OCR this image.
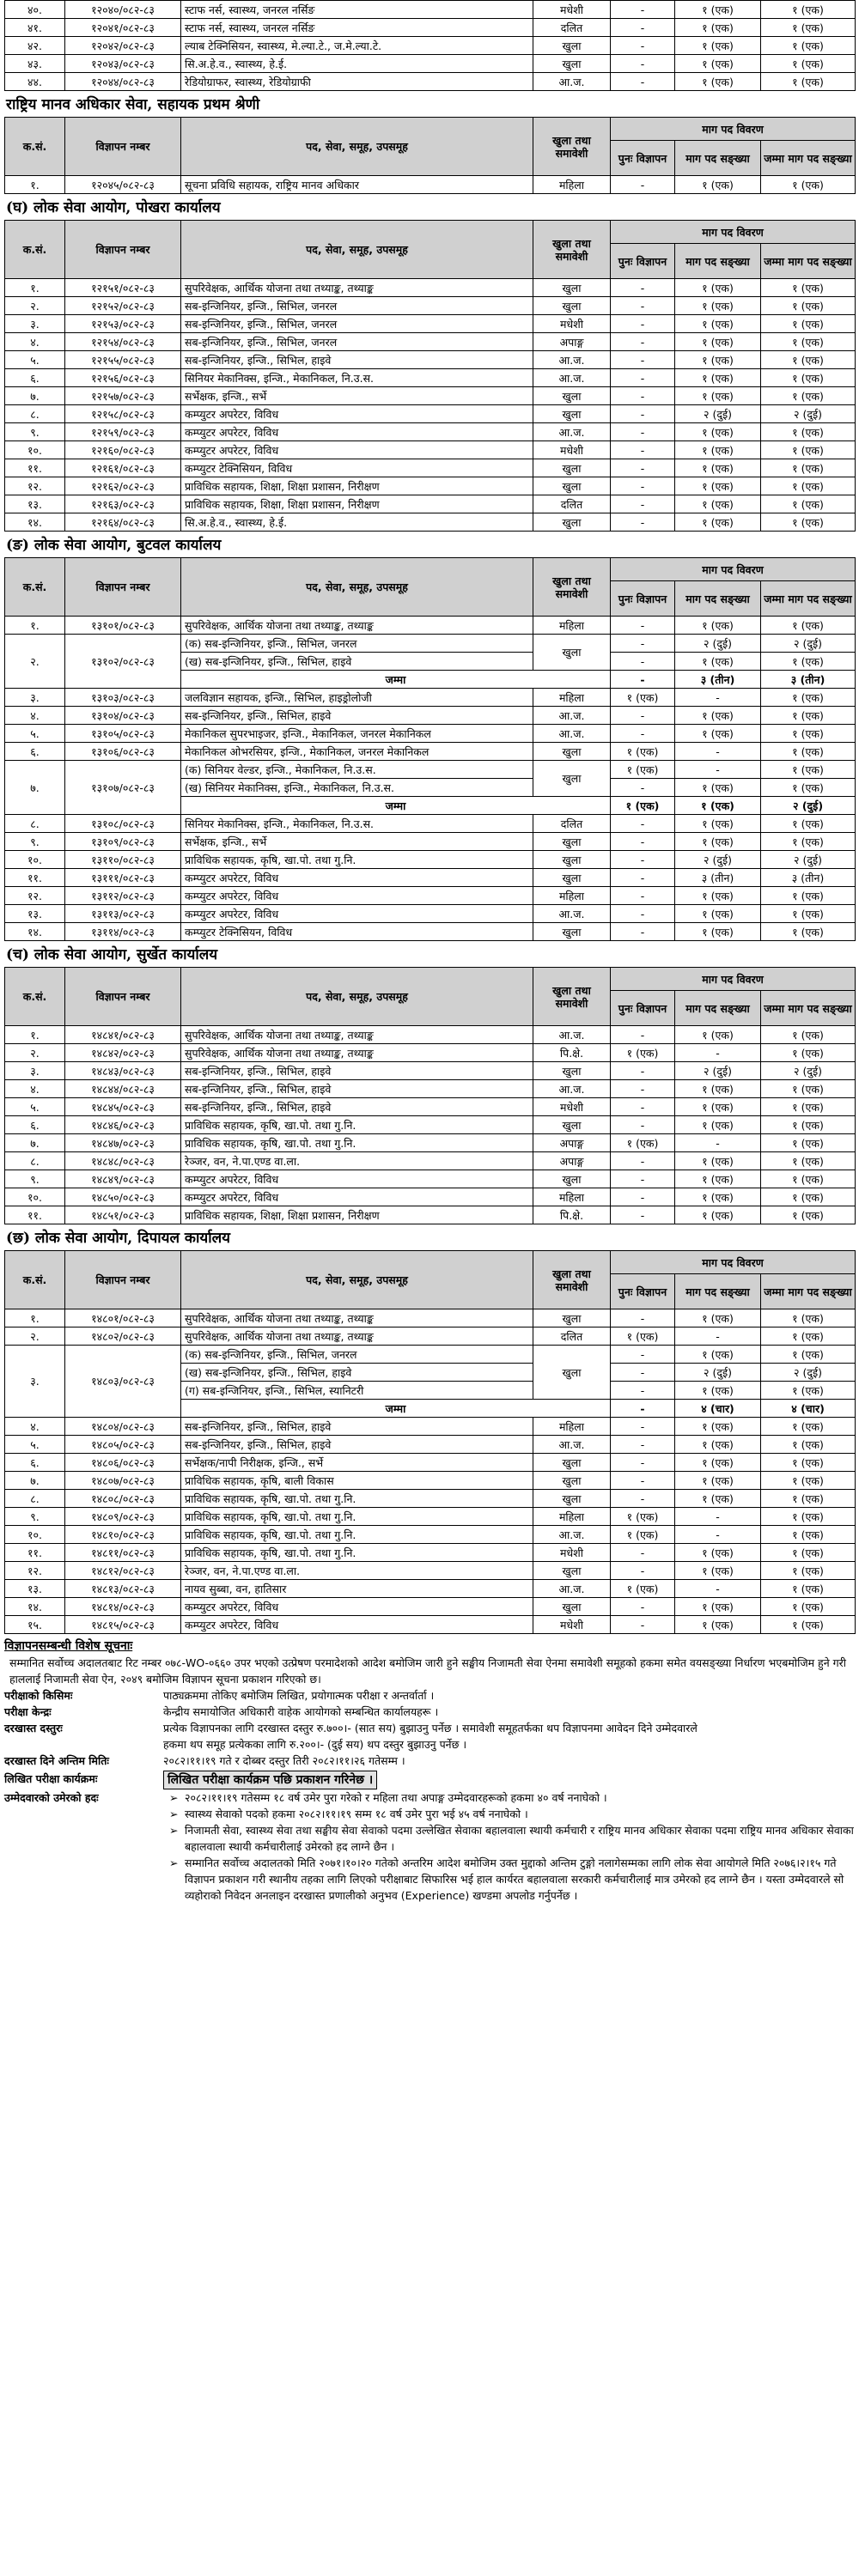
४०.	१२०४०/०८२-८३	स्टाफ नर्स, स्वास्थ्य, जनरल नर्सिङ	मधेशी	-	१ (एक)	१ (एक)
४१.	१२०४१/०८२-८३	स्टाफ नर्स, स्वास्थ्य, जनरल नर्सिङ	दलित	-	१ (एक)	१ (एक)
४२.	१२०४२/०८२-८३	ल्याब टेक्निसियन, स्वास्थ्य, मे.ल्या.टे., ज.मे.ल्या.टे.	खुला	-	१ (एक)	१ (एक)
४३.	१२०४३/०८२-८३	सि.अ.हे.व., स्वास्थ्य, हे.ई.	खुला	-	१ (एक)	१ (एक)
४४.	१२०४४/०८२-८३	रेडियोग्राफर, स्वास्थ्य, रेडियोग्राफी	आ.ज.	-	१ (एक)	१ (एक)
राष्ट्रिय मानव अधिकार सेवा, सहायक प्रथम श्रेणी
क.सं.	विज्ञापन नम्बर	पद, सेवा, समूह, उपसमूह	खुला तथा समावेशी	माग पद विवरण		
				पुनः विज्ञापन	माग पद सङ्ख्या	जम्मा माग पद सङ्ख्या
१.	१२०४५/०८२-८३	सूचना प्रविधि सहायक, राष्ट्रिय मानव अधिकार	महिला	-	१ (एक)	१ (एक)
(घ) लोक सेवा आयोग, पोखरा कार्यालय
क.सं.	विज्ञापन नम्बर	पद, सेवा, समूह, उपसमूह	खुला तथा समावेशी	माग पद विवरण		
				पुनः विज्ञापन	माग पद सङ्ख्या	जम्मा माग पद सङ्ख्या
१.	१२१५१/०८२-८३	सुपरिवेक्षक, आर्थिक योजना तथा तथ्याङ्क, तथ्याङ्क	खुला	-	१ (एक)	१ (एक)
२.	१२१५२/०८२-८३	सब-इन्जिनियर, इन्जि., सिभिल, जनरल	खुला	-	१ (एक)	१ (एक)
३.	१२१५३/०८२-८३	सब-इन्जिनियर, इन्जि., सिभिल, जनरल	मधेशी	-	१ (एक)	१ (एक)
४.	१२१५४/०८२-८३	सब-इन्जिनियर, इन्जि., सिभिल, जनरल	अपाङ्ग	-	१ (एक)	१ (एक)
५.	१२१५५/०८२-८३	सब-इन्जिनियर, इन्जि., सिभिल, हाइवे	आ.ज.	-	१ (एक)	१ (एक)
६.	१२१५६/०८२-८३	सिनियर मेकानिक्स, इन्जि., मेकानिकल, नि.उ.स.	आ.ज.	-	१ (एक)	१ (एक)
७.	१२१५७/०८२-८३	सर्भेक्षक, इन्जि., सर्भे	खुला	-	१ (एक)	१ (एक)
८.	१२१५८/०८२-८३	कम्प्युटर अपरेटर, विविध	खुला	-	२ (दुई)	२ (दुई)
९.	१२१५९/०८२-८३	कम्प्युटर अपरेटर, विविध	आ.ज.	-	१ (एक)	१ (एक)
१०.	१२१६०/०८२-८३	कम्प्युटर अपरेटर, विविध	मधेशी	-	१ (एक)	१ (एक)
११.	१२१६१/०८२-८३	कम्प्युटर टेक्निसियन, विविध	खुला	-	१ (एक)	१ (एक)
१२.	१२१६२/०८२-८३	प्राविधिक सहायक, शिक्षा, शिक्षा प्रशासन, निरीक्षण	खुला	-	१ (एक)	१ (एक)
१३.	१२१६३/०८२-८३	प्राविधिक सहायक, शिक्षा, शिक्षा प्रशासन, निरीक्षण	दलित	-	१ (एक)	१ (एक)
१४.	१२१६४/०८२-८३	सि.अ.हे.व., स्वास्थ्य, हे.ई.	खुला	-	१ (एक)	१ (एक)
(ङ) लोक सेवा आयोग, बुटवल कार्यालय
क.सं.	विज्ञापन नम्बर	पद, सेवा, समूह, उपसमूह	खुला तथा समावेशी	माग पद विवरण		
				पुनः विज्ञापन	माग पद सङ्ख्या	जम्मा माग पद सङ्ख्या
१.	१३१०१/०८२-८३	सुपरिवेक्षक, आर्थिक योजना तथा तथ्याङ्क, तथ्याङ्क	महिला	-	१ (एक)	१ (एक)
२.	१३१०२/०८२-८३	(क) सब-इन्जिनियर, इन्जि., सिभिल, जनरल	खुला	-	२ (दुई)	२ (दुई)
		(ख) सब-इन्जिनियर, इन्जि., सिभिल, हाइवे		-	१ (एक)	१ (एक)
		जम्मा		-	३ (तीन)	३ (तीन)
३.	१३१०३/०८२-८३	जलविज्ञान सहायक, इन्जि., सिभिल, हाइड्रोलोजी	महिला	१ (एक)	-	१ (एक)
४.	१३१०४/०८२-८३	सब-इन्जिनियर, इन्जि., सिभिल, हाइवे	आ.ज.	-	१ (एक)	१ (एक)
५.	१३१०५/०८२-८३	मेकानिकल सुपरभाइजर, इन्जि., मेकानिकल, जनरल मेकानिकल	आ.ज.	-	१ (एक)	१ (एक)
६.	१३१०६/०८२-८३	मेकानिकल ओभरसियर, इन्जि., मेकानिकल, जनरल मेकानिकल	खुला	१ (एक)	-	१ (एक)
७.	१३१०७/०८२-८३	(क) सिनियर वेल्डर, इन्जि., मेकानिकल, नि.उ.स.	खुला	१ (एक)	-	१ (एक)
		(ख) सिनियर मेकानिक्स, इन्जि., मेकानिकल, नि.उ.स.		-	१ (एक)	१ (एक)
		जम्मा		१ (एक)	१ (एक)	२ (दुई)
८.	१३१०८/०८२-८३	सिनियर मेकानिक्स, इन्जि., मेकानिकल, नि.उ.स.	दलित	-	१ (एक)	१ (एक)
९.	१३१०९/०८२-८३	सर्भेक्षक, इन्जि., सर्भे	खुला	-	१ (एक)	१ (एक)
१०.	१३११०/०८२-८३	प्राविधिक सहायक, कृषि, खा.पो. तथा गु.नि.	खुला	-	२ (दुई)	२ (दुई)
११.	१३१११/०८२-८३	कम्प्युटर अपरेटर, विविध	खुला	-	३ (तीन)	३ (तीन)
१२.	१३११२/०८२-८३	कम्प्युटर अपरेटर, विविध	महिला	-	१ (एक)	१ (एक)
१३.	१३११३/०८२-८३	कम्प्युटर अपरेटर, विविध	आ.ज.	-	१ (एक)	१ (एक)
१४.	१३११४/०८२-८३	कम्प्युटर टेक्निसियन, विविध	खुला	-	१ (एक)	१ (एक)
(च) लोक सेवा आयोग, सुर्खेत कार्यालय
क.सं.	विज्ञापन नम्बर	पद, सेवा, समूह, उपसमूह	खुला तथा समावेशी	माग पद विवरण		
				पुनः विज्ञापन	माग पद सङ्ख्या	जम्मा माग पद सङ्ख्या
१.	१४८४१/०८२-८३	सुपरिवेक्षक, आर्थिक योजना तथा तथ्याङ्क, तथ्याङ्क	आ.ज.	-	१ (एक)	१ (एक)
२.	१४८४२/०८२-८३	सुपरिवेक्षक, आर्थिक योजना तथा तथ्याङ्क, तथ्याङ्क	पि.क्षे.	१ (एक)	-	१ (एक)
३.	१४८४३/०८२-८३	सब-इन्जिनियर, इन्जि., सिभिल, हाइवे	खुला	-	२ (दुई)	२ (दुई)
४.	१४८४४/०८२-८३	सब-इन्जिनियर, इन्जि., सिभिल, हाइवे	आ.ज.	-	१ (एक)	१ (एक)
५.	१४८४५/०८२-८३	सब-इन्जिनियर, इन्जि., सिभिल, हाइवे	मधेशी	-	१ (एक)	१ (एक)
६.	१४८४६/०८२-८३	प्राविधिक सहायक, कृषि, खा.पो. तथा गु.नि.	खुला	-	१ (एक)	१ (एक)
७.	१४८४७/०८२-८३	प्राविधिक सहायक, कृषि, खा.पो. तथा गु.नि.	अपाङ्ग	१ (एक)	-	१ (एक)
८.	१४८४८/०८२-८३	रेञ्जर, वन, ने.पा.एण्ड वा.ला.	अपाङ्ग	-	१ (एक)	१ (एक)
९.	१४८४९/०८२-८३	कम्प्युटर अपरेटर, विविध	खुला	-	१ (एक)	१ (एक)
१०.	१४८५०/०८२-८३	कम्प्युटर अपरेटर, विविध	महिला	-	१ (एक)	१ (एक)
११.	१४८५१/०८२-८३	प्राविधिक सहायक, शिक्षा, शिक्षा प्रशासन, निरीक्षण	पि.क्षे.	-	१ (एक)	१ (एक)
(छ) लोक सेवा आयोग, दिपायल कार्यालय
क.सं.	विज्ञापन नम्बर	पद, सेवा, समूह, उपसमूह	खुला तथा समावेशी	माग पद विवरण		
				पुनः विज्ञापन	माग पद सङ्ख्या	जम्मा माग पद सङ्ख्या
१.	१४८०१/०८२-८३	सुपरिवेक्षक, आर्थिक योजना तथा तथ्याङ्क, तथ्याङ्क	खुला	-	१ (एक)	१ (एक)
२.	१४८०२/०८२-८३	सुपरिवेक्षक, आर्थिक योजना तथा तथ्याङ्क, तथ्याङ्क	दलित	१ (एक)	-	१ (एक)
३.	१४८०३/०८२-८३	(क) सब-इन्जिनियर, इन्जि., सिभिल, जनरल	खुला	-	१ (एक)	१ (एक)
		(ख) सब-इन्जिनियर, इन्जि., सिभिल, हाइवे		-	२ (दुई)	२ (दुई)
		(ग) सब-इन्जिनियर, इन्जि., सिभिल, स्यानिटरी		-	१ (एक)	१ (एक)
		जम्मा		-	४ (चार)	४ (चार)
४.	१४८०४/०८२-८३	सब-इन्जिनियर, इन्जि., सिभिल, हाइवे	महिला	-	१ (एक)	१ (एक)
५.	१४८०५/०८२-८३	सब-इन्जिनियर, इन्जि., सिभिल, हाइवे	आ.ज.	-	१ (एक)	१ (एक)
६.	१४८०६/०८२-८३	सर्भेक्षक/नापी निरीक्षक, इन्जि., सर्भे	खुला	-	१ (एक)	१ (एक)
७.	१४८०७/०८२-८३	प्राविधिक सहायक, कृषि, बाली विकास	खुला	-	१ (एक)	१ (एक)
८.	१४८०८/०८२-८३	प्राविधिक सहायक, कृषि, खा.पो. तथा गु.नि.	खुला	-	१ (एक)	१ (एक)
९.	१४८०९/०८२-८३	प्राविधिक सहायक, कृषि, खा.पो. तथा गु.नि.	महिला	१ (एक)	-	१ (एक)
१०.	१४८१०/०८२-८३	प्राविधिक सहायक, कृषि, खा.पो. तथा गु.नि.	आ.ज.	१ (एक)	-	१ (एक)
११.	१४८११/०८२-८३	प्राविधिक सहायक, कृषि, खा.पो. तथा गु.नि.	मधेशी	-	१ (एक)	१ (एक)
१२.	१४८१२/०८२-८३	रेञ्जर, वन, ने.पा.एण्ड वा.ला.	खुला	-	१ (एक)	१ (एक)
१३.	१४८१३/०८२-८३	नायव सुब्बा, वन, हातिसार	आ.ज.	१ (एक)	-	१ (एक)
१४.	१४८१४/०८२-८३	कम्प्युटर अपरेटर, विविध	खुला	-	१ (एक)	१ (एक)
१५.	१४८१५/०८२-८३	कम्प्युटर अपरेटर, विविध	मधेशी	-	१ (एक)	१ (एक)
विज्ञापनसम्बन्धी विशेष सूचनाः
सम्मानित सर्वोच्च अदालतबाट रिट नम्बर ०७८-WO-०६६० उपर भएको उत्प्रेषण परमादेशको आदेश बमोजिम जारी हुने सङ्घीय निजामती सेवा ऐनमा समावेशी समूहको हकमा समेत वयसङ्ख्या निर्धारण भएबमोजिम हुने गरी हाललाई निजामती सेवा ऐन, २०४९ बमोजिम विज्ञापन सूचना प्रकाशन गरिएको छ।
परीक्षाको किसिमः	पाठ्यक्रममा तोकिए बमोजिम लिखित, प्रयोगात्मक परीक्षा र अन्तर्वार्ता ।
परीक्षा केन्द्रः	केन्द्रीय समायोजित अधिकारी वाहेक आयोगको सम्बन्धित कार्यालयहरू ।
दरखास्त दस्तुरः	प्रत्येक विज्ञापनका लागि दरखास्त दस्तुर रु.७००।- (सात सय) बुझाउनु पर्नेछ । समावेशी समूहतर्फका थप विज्ञापनमा आवेदन दिने उम्मेदवारले
हकमा थप समूह प्रत्येकका लागि रु.२००।- (दुई सय) थप दस्तुर बुझाउनु पर्नेछ ।
दरखास्त दिने अन्तिम मितिः	२०८२।११।१९ गते र दोब्बर दस्तुर तिरी २०८२।११।२६ गतेसम्म ।
लिखित परीक्षा कार्यक्रमः	लिखित परीक्षा कार्यक्रम पछि प्रकाशन गरिनेछ ।
उम्मेदवारको उमेरको हदः	➢ २०८२।११।१९ गतेसम्म १८ वर्ष उमेर पुरा गरेको र महिला तथा अपाङ्ग उम्मेदवारहरूको हकमा ४० वर्ष ननाघेको ।
➢ स्वास्थ्य सेवाको पदको हकमा २०८२।११।१९ सम्म १८ वर्ष उमेर पुरा भई ४५ वर्ष ननाघेको ।
➢ निजामती सेवा, स्वास्थ्य सेवा तथा सङ्घीय सेवा सेवाको पदमा उल्लेखित सेवाका बहालवाला स्थायी कर्मचारी र राष्ट्रिय मानव अधिकार सेवाका पदमा राष्ट्रिय मानव अधिकार सेवाका बहालवाला स्थायी कर्मचारीलाई उमेरको हद लाग्ने छैन ।
➢ सम्मानित सर्वोच्च अदालतको मिति २०७१।१०।२० गतेको अन्तरिम आदेश बमोजिम उक्त मुद्दाको अन्तिम टुङ्गो नलागेसम्मका लागि लोक सेवा आयोगले मिति २०७६।२।१५ गते विज्ञापन प्रकाशन गरी स्थानीय तहका लागि लिएको परीक्षाबाट सिफारिस भई हाल कार्यरत बहालवाला सरकारी कर्मचारीलाई मात्र उमेरको हद लाग्ने छैन । यस्ता उम्मेदवारले सो व्यहोराको निवेदन अनलाइन दरखास्त प्रणालीको अनुभव (Experience) खण्डमा अपलोड गर्नुपर्नेछ ।
